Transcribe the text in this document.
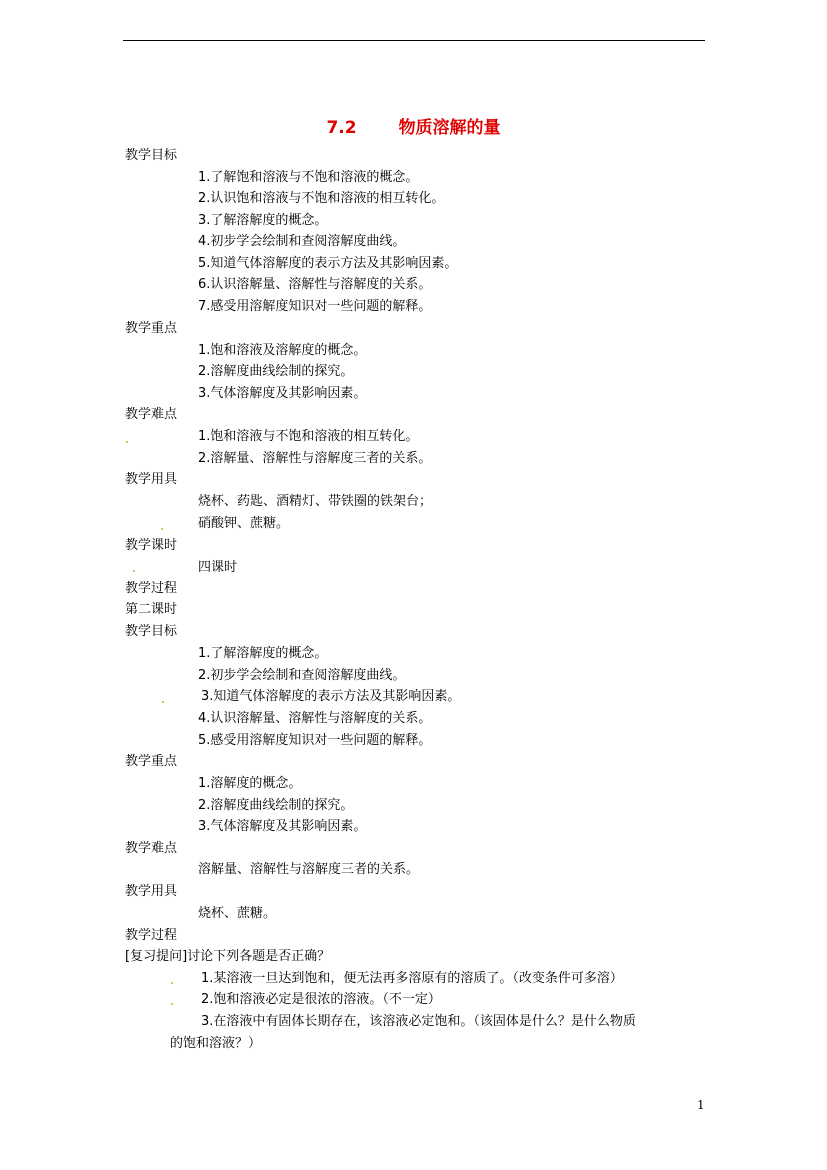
7.2 物质溶解的量
教学目标
1.了解饱和溶液与不饱和溶液的概念。
2.认识饱和溶液与不饱和溶液的相互转化。
3.了解溶解度的概念。
4.初步学会绘制和查阅溶解度曲线。
5.知道气体溶解度的表示方法及其影响因素。
6.认识溶解量、溶解性与溶解度的关系。
7.感受用溶解度知识对一些问题的解释。
教学重点
1.饱和溶液及溶解度的概念。
2.溶解度曲线绘制的探究。
3.气体溶解度及其影响因素。
教学难点
1.饱和溶液与不饱和溶液的相互转化。
2.溶解量、溶解性与溶解度三者的关系。
教学用具
烧杯、药匙、酒精灯、带铁圈的铁架台；
硝酸钾、蔗糖。
教学课时
四课时
教学过程
第二课时
教学目标
1.了解溶解度的概念。
2.初步学会绘制和查阅溶解度曲线。
3.知道气体溶解度的表示方法及其影响因素。
4.认识溶解量、溶解性与溶解度的关系。
5.感受用溶解度知识对一些问题的解释。
教学重点
1.溶解度的概念。
2.溶解度曲线绘制的探究。
3.气体溶解度及其影响因素。
教学难点
溶解量、溶解性与溶解度三者的关系。
教学用具
烧杯、蔗糖。
教学过程
[复习提问]讨论下列各题是否正确？
1.某溶液一旦达到饱和，便无法再多溶原有的溶质了。（改变条件可多溶）
2.饱和溶液必定是很浓的溶液。（不一定）
3.在溶液中有固体长期存在，该溶液必定饱和。（该固体是什么？是什么物质
的饱和溶液？）
1
